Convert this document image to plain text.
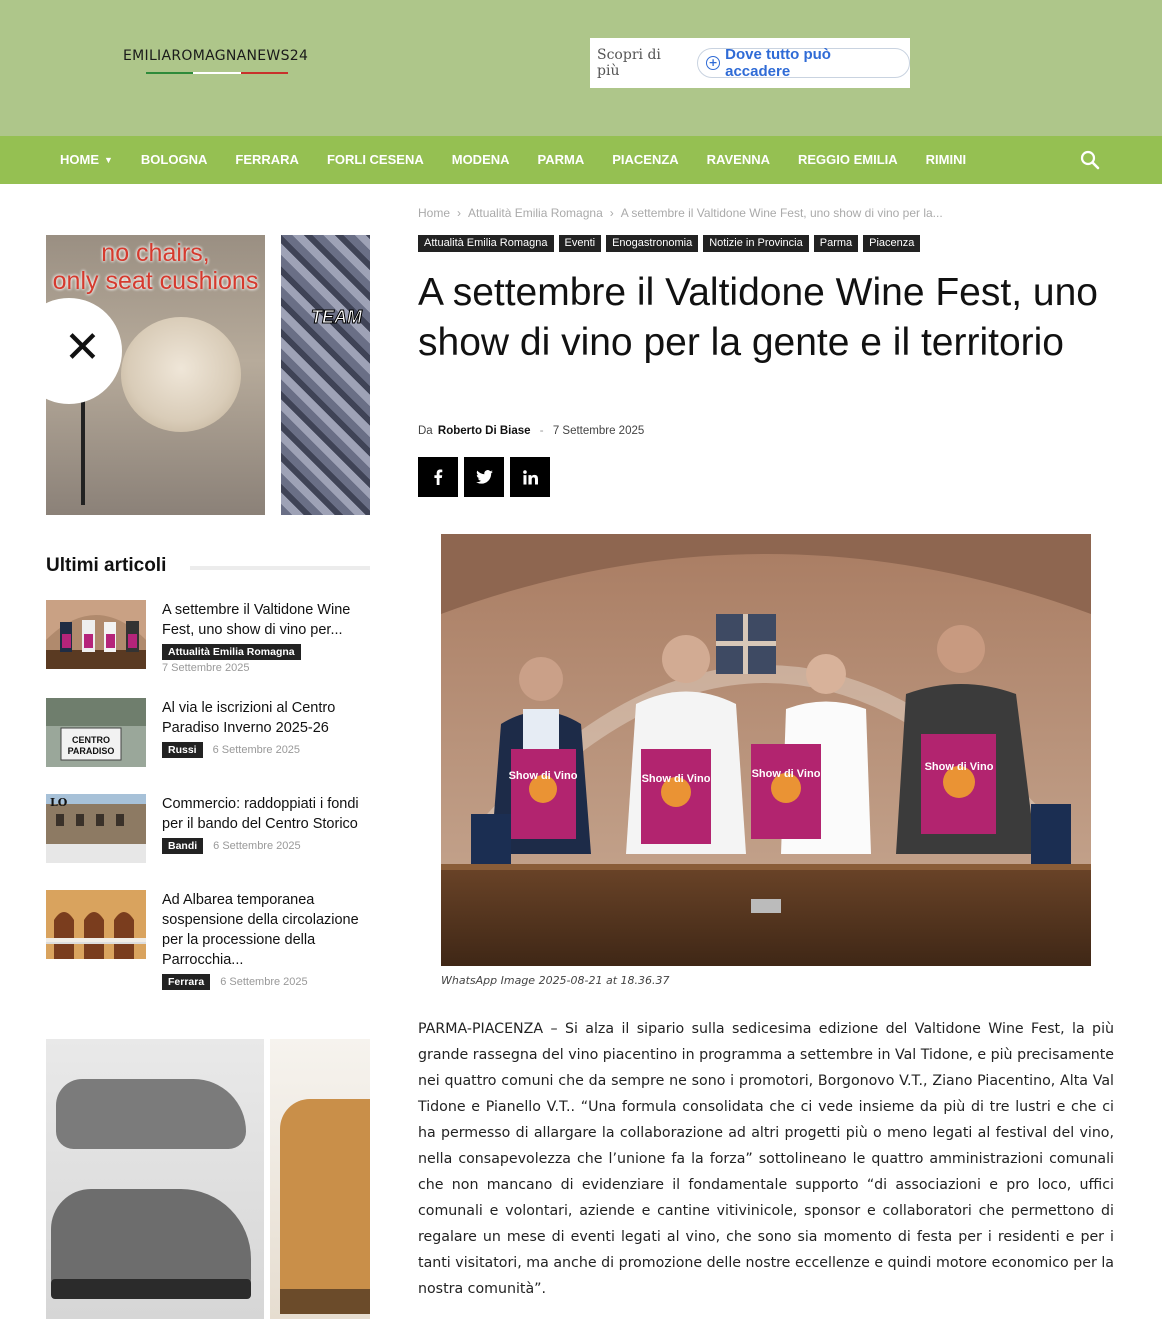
EMILIAROMAGNANEWS24	Scopri di più
+ Dove tutto può accadere
HOME ▼	BOLOGNA	FERRARA	FORLI CESENA	MODENA	PARMA	PIACENZA	RAVENNA	REGGIO EMILIA	RIMINI
✕
no chairs,
only seat cushions
TEAM
Ultimi articoli
A settembre il Valtidone Wine Fest, uno show di vino per...
Attualità Emilia Romagna
7 Settembre 2025
CENTRO
PARADISO
Al via le iscrizioni al Centro Paradiso Inverno 2025-26
Russi	6 Settembre 2025
LO	Commercio: raddoppiati i fondi per il bando del Centro Storico
Bandi	6 Settembre 2025
Ad Albarea temporanea sospensione della circolazione per la processione della Parrocchia...
Ferrara	6 Settembre 2025
Home › Attualità Emilia Romagna › A settembre il Valtidone Wine Fest, uno show di vino per la...
Attualità Emilia Romagna	Eventi	Enogastronomia	Notizie in Provincia	Parma	Piacenza
A settembre il Valtidone Wine Fest, uno show di vino per la gente e il territorio
Da Roberto Di Biase - 7 Settembre 2025
Show di Vino	Show di Vino	Show di Vino
Show di Vino
WhatsApp Image 2025-08-21 at 18.36.37

PARMA-PIACENZA – Si alza il sipario sulla sedicesima edizione del Valtidone Wine Fest, la più grande rassegna del vino piacentino in programma a settembre in Val Tidone, e più precisamente nei quattro comuni che da sempre ne sono i promotori, Borgonovo V.T., Ziano Piacentino, Alta Val Tidone e Pianello V.T.. “Una formula consolidata che ci vede insieme da più di tre lustri e che ci ha permesso di allargare la collaborazione ad altri progetti più o meno legati al festival del vino, nella consapevolezza che l’unione fa la forza” sottolineano le quattro amministrazioni comunali che non mancano di evidenziare il fondamentale supporto “di associazioni e pro loco, uffici comunali e volontari, aziende e cantine vitivinicole, sponsor e collaboratori che permettono di regalare un mese di eventi legati al vino, che sono sia momento di festa per i residenti e per i tanti visitatori, ma anche di promozione delle nostre eccellenze e quindi motore economico per la nostra comunità”.
